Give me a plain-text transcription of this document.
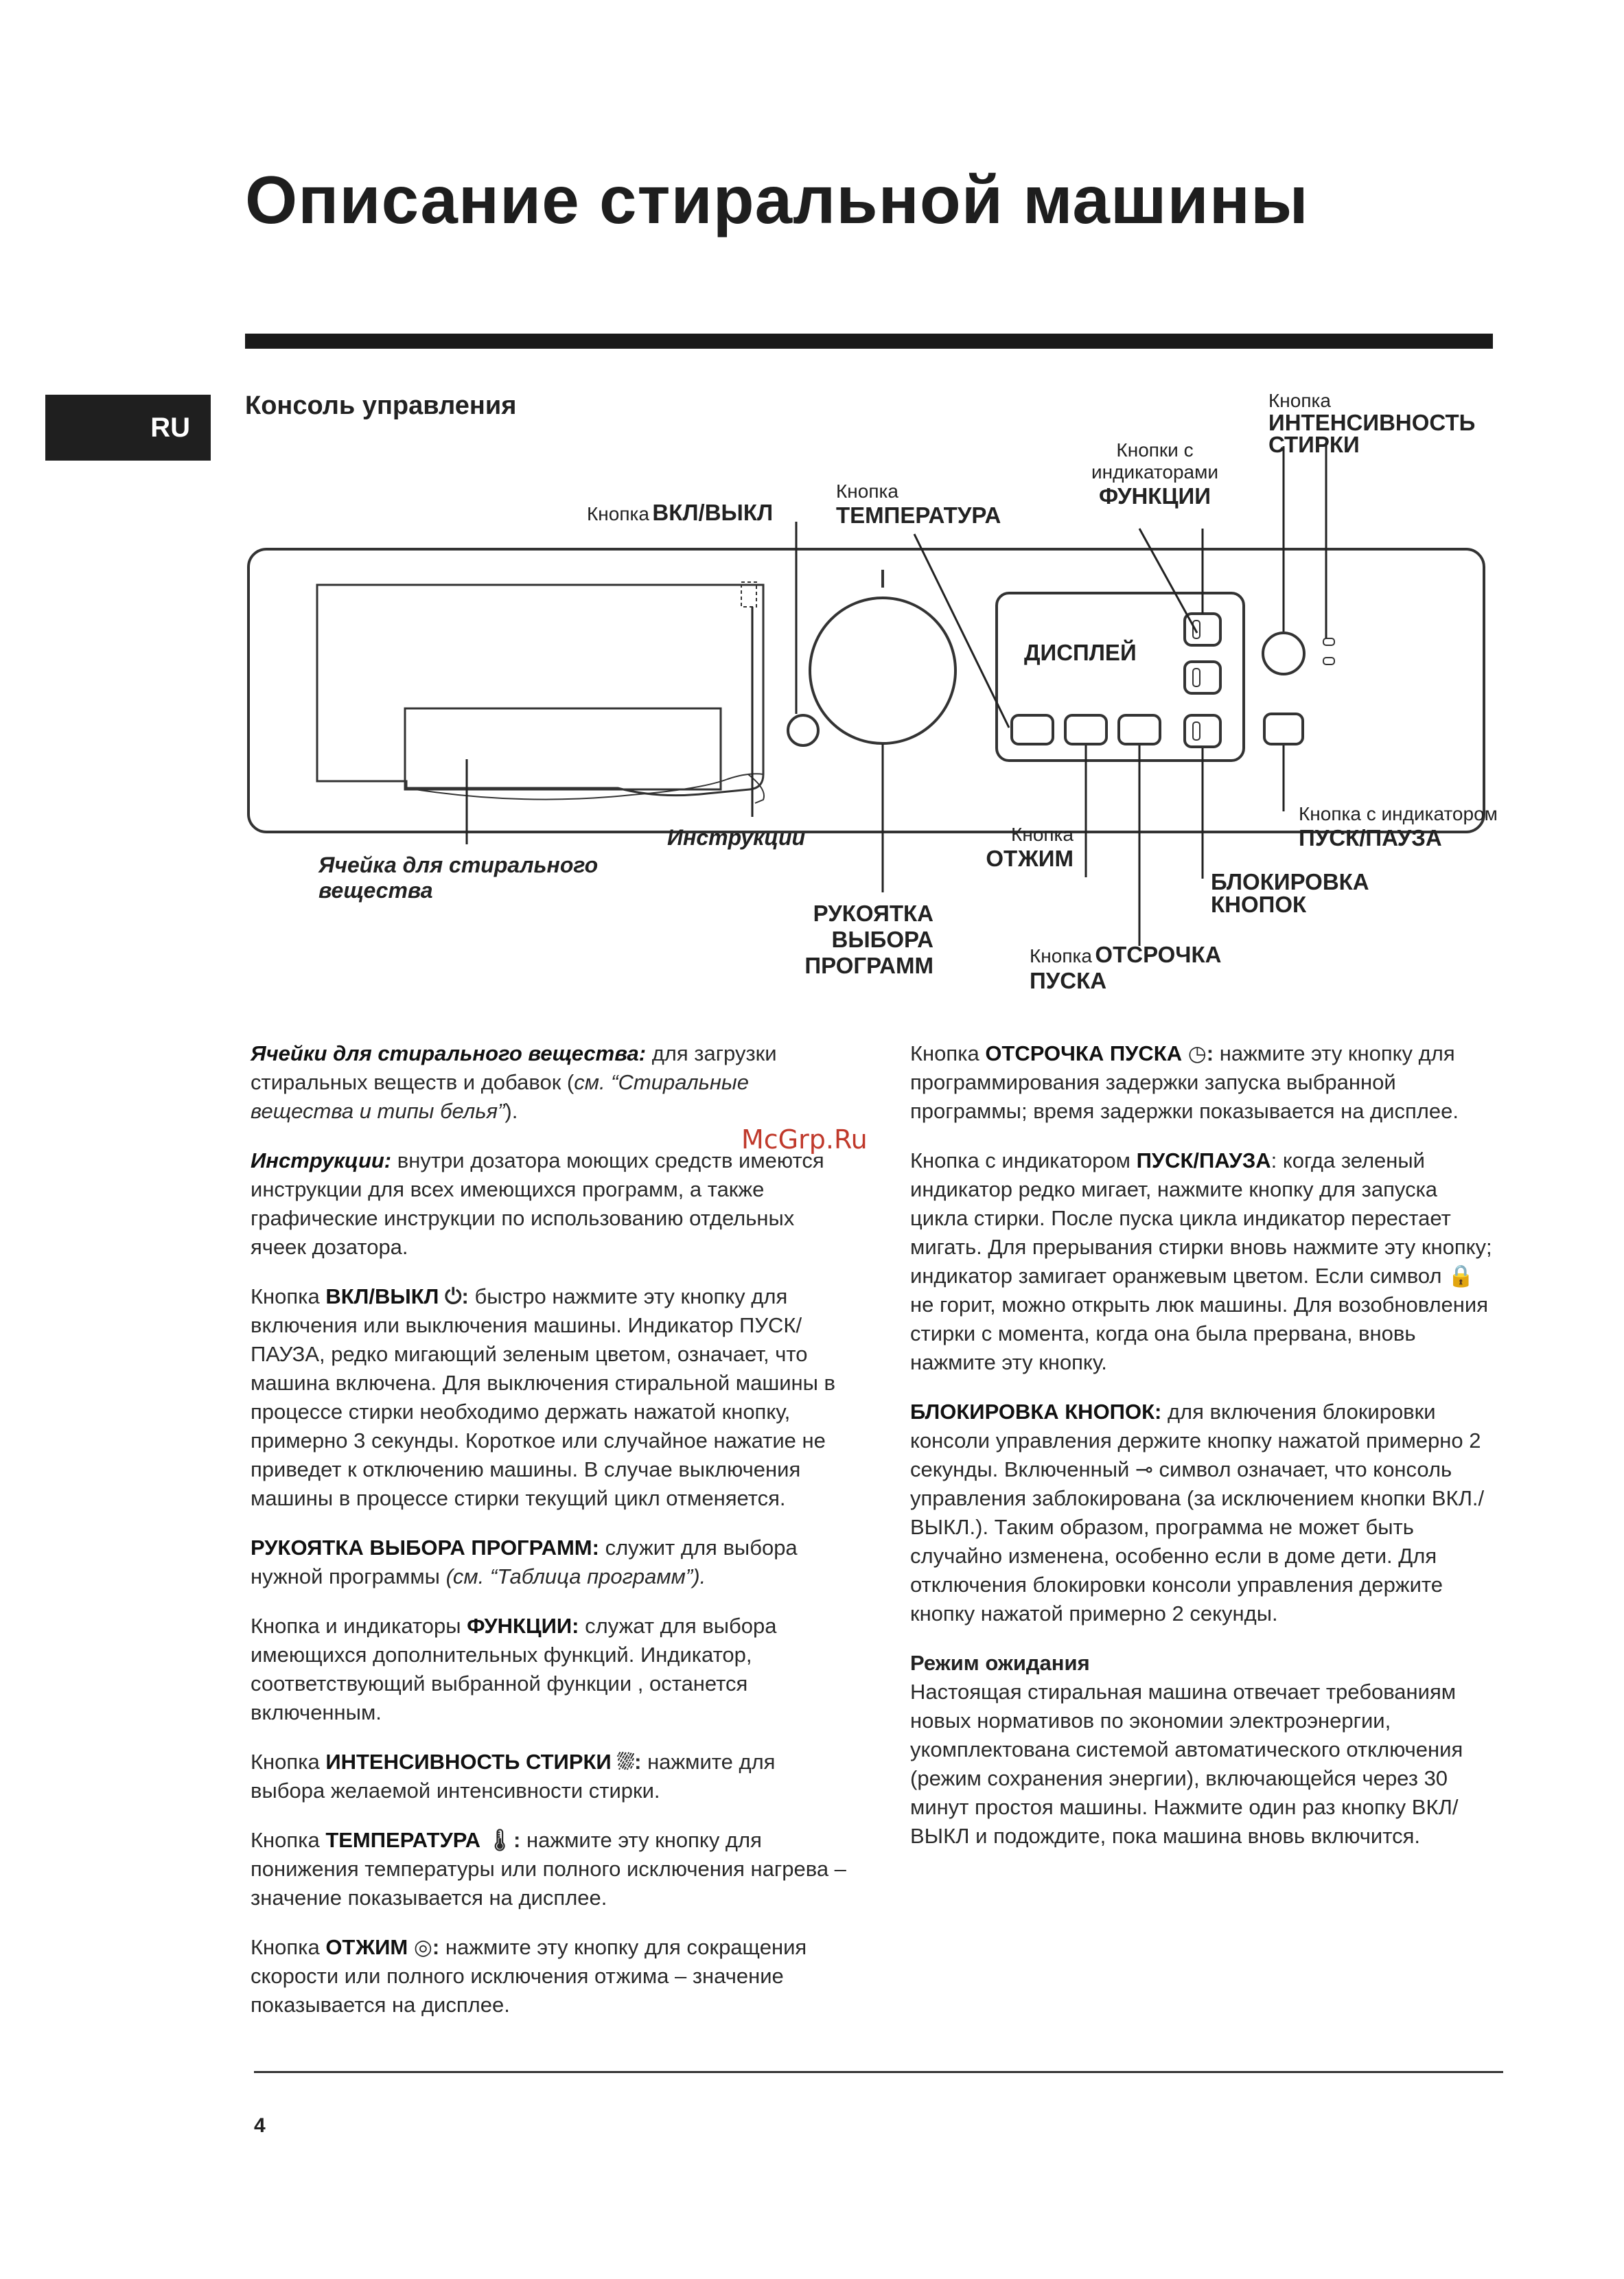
Описание стиральной машины
RU
Консоль управления
Кнопка ВКЛ/ВЫКЛ
Кнопка
ТЕМПЕРАТУРА
Кнопки с
индикаторами
ФУНКЦИИ
Кнопка
ИНТЕНСИВНОСТЬ
СТИРКИ
ДИСПЛЕЙ
Кнопка с индикатором
ПУСК/ПАУЗА
БЛОКИРОВКА
КНОПОК
Кнопка
ОТЖИМ
Кнопка ОТСРОЧКА
ПУСКА
РУКОЯТКА
ВЫБОРА
ПРОГРАММ
Инструкции
Ячейка для стирального
вещества

Ячейки для стирального вещества: для загрузки стиральных веществ и добавок (см. “Стиральные вещества и типы белья”).

Инструкции: внутри дозатора моющих средств имеются инструкции для всех имеющихся программ, а также графические инструкции по использованию отдельных ячеек дозатора.

Кнопка ВКЛ/ВЫКЛ ⏻: быстро нажмите эту кнопку для включения или выключения машины. Индикатор ПУСК/ПАУЗА, редко мигающий зеленым цветом, означает, что машина включена. Для выключения стиральной машины в процессе стирки необходимо держать нажатой кнопку, примерно 3 секунды. Короткое или случайное нажатие не приведет к отключению машины. В случае выключения машины в процессе стирки текущий цикл отменяется.

РУКОЯТКА ВЫБОРА ПРОГРАММ: служит для выбора нужной программы (см. “Таблица программ”).

Кнопка и индикаторы ФУНКЦИИ: служат для выбора имеющихся дополнительных функций. Индикатор, соответствующий выбранной функции , останется включенным.

Кнопка ИНТЕНСИВНОСТЬ СТИРКИ ⛆: нажмите для выбора желаемой интенсивности стирки.

Кнопка ТЕМПЕРАТУРА 🌡: нажмите эту кнопку для понижения температуры или полного исключения нагрева – значение показывается на дисплее.

Кнопка ОТЖИМ ◎: нажмите эту кнопку для сокращения скорости или полного исключения отжима – значение показывается на дисплее.

Кнопка ОТСРОЧКА ПУСКА ◷: нажмите эту кнопку для программирования задержки запуска выбранной программы; время задержки показывается на дисплее.

Кнопка с индикатором ПУСК/ПАУЗА: когда зеленый индикатор редко мигает, нажмите кнопку для запуска цикла стирки. После пуска цикла индикатор перестает мигать. Для прерывания стирки вновь нажмите эту кнопку; индикатор замигает оранжевым цветом. Если символ 🔒 не горит, можно открыть люк машины. Для возобновления стирки с момента, когда она была прервана, вновь нажмите эту кнопку.

БЛОКИРОВКА КНОПОК: для включения блокировки консоли управления держите кнопку нажатой примерно 2 секунды. Включенный ⊸ символ означает, что консоль управления заблокирована (за исключением кнопки ВКЛ./ВЫКЛ.). Таким образом, программа не может быть случайно изменена, особенно если в доме дети. Для отключения блокировки консоли управления держите кнопку нажатой примерно 2 секунды.

Режим ожидания
Настоящая стиральная машина отвечает требованиям новых нормативов по экономии электроэнергии, укомплектована системой автоматического отключения (режим сохранения энергии), включающейся через 30 минут простоя машины. Нажмите один раз кнопку ВКЛ/ВЫКЛ и подождите, пока машина вновь включится.

McGrp.Ru
4
